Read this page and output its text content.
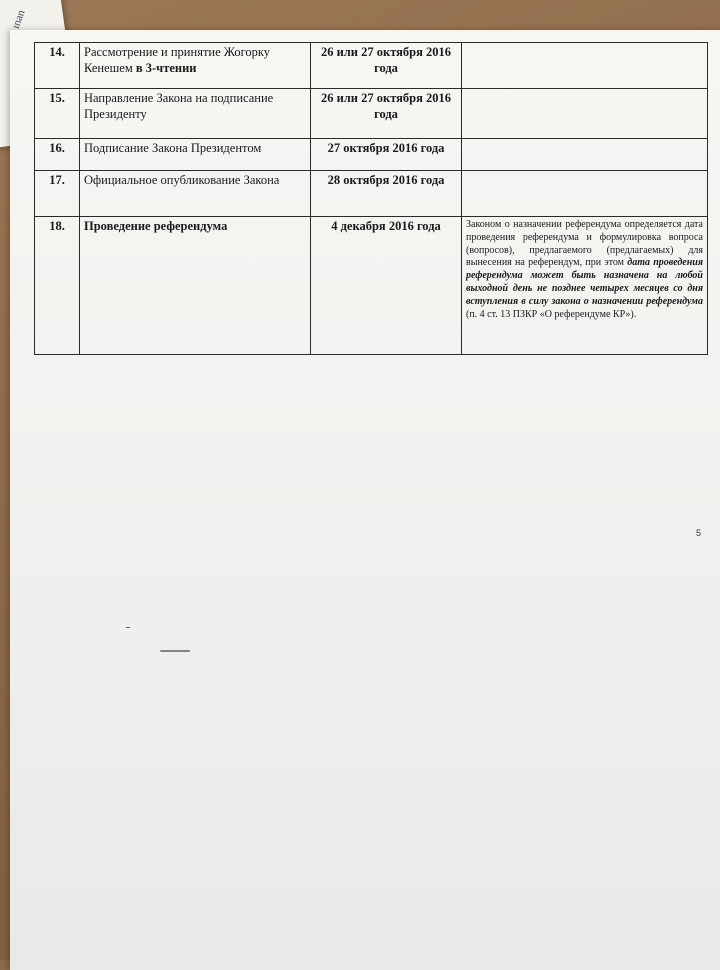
ınan
14.	Рассмотрение и принятие Жогорку Кенешем в 3-чтении	26 или 27 октября 2016 года	
15.	Направление Закона на подписание Президенту	26 или 27 октября 2016 года	
16.	Подписание Закона Президентом	27 октября 2016 года	
17.	Официальное опубликование Закона	28 октября 2016 года	
18.	Проведение референдума	4 декабря 2016 года	Законом о назначении референдума определяется дата проведения референдума и формулировка вопроса (вопросов), предлагаемого (предлагаемых) для вынесения на референдум, при этом дата проведения референдума может быть назначена на любой выходной день не позднее четырех месяцев со дня вступления в силу закона о назначении референдума (п. 4 ст. 13 ПЗКР «О референдуме КР»).
5
